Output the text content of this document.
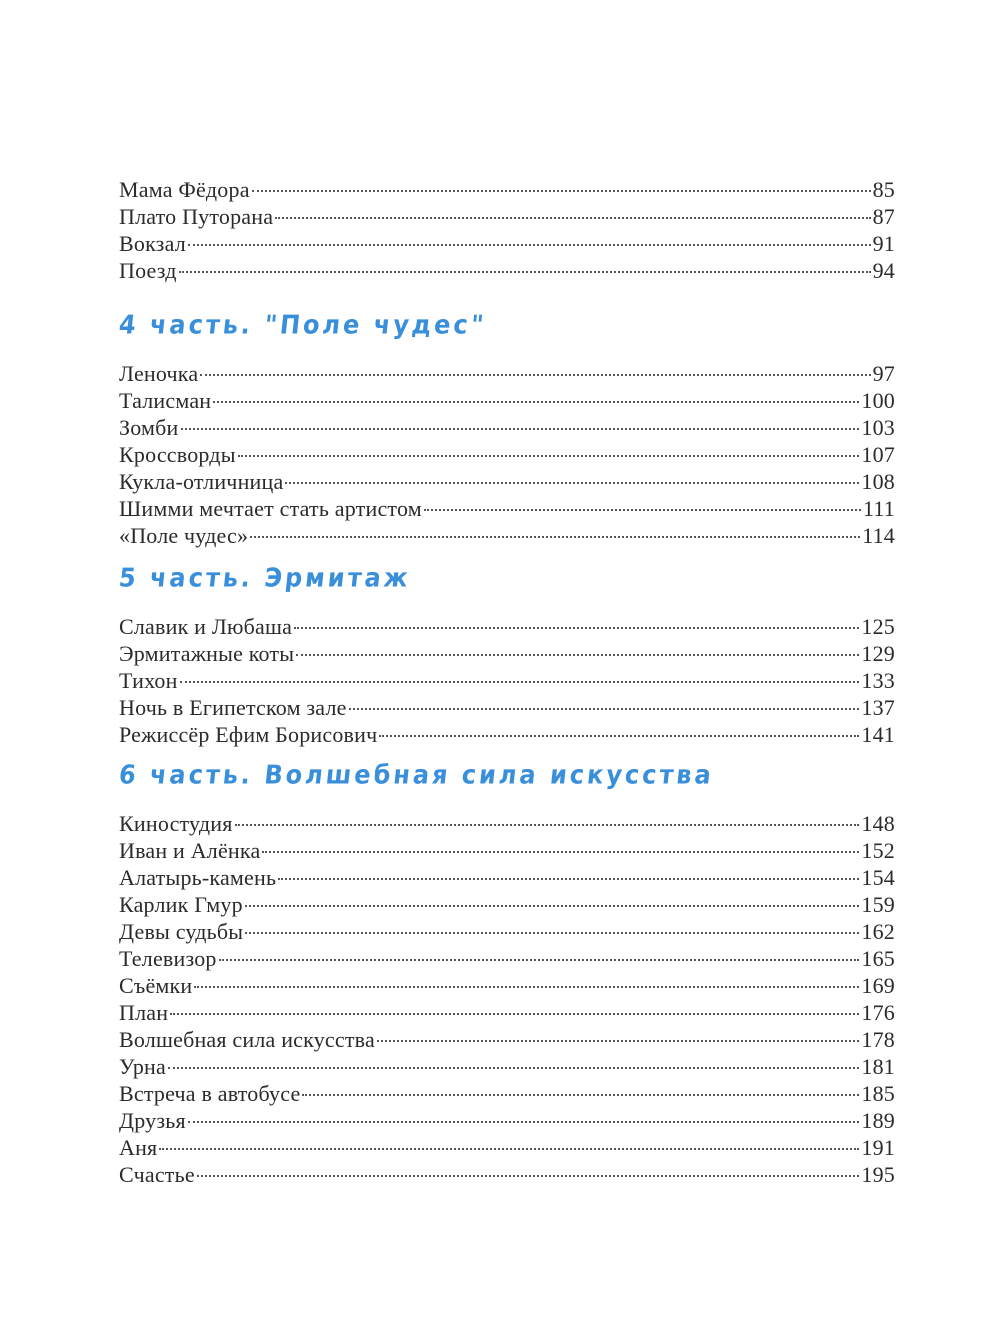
Мама Фёдора	85
Плато Путорана	87
Вокзал	91
Поезд	94
4 часть. "Поле чудес"
Леночка	97
Талисман	100
Зомби	103
Кроссворды	107
Кукла-отличница	108
Шимми мечтает стать артистом	111
«Поле чудес»	114
5 часть. Эрмитаж
Славик и Любаша	125
Эрмитажные коты	129
Тихон	133
Ночь в Египетском зале	137
Режиссёр Ефим Борисович	141
6 часть. Волшебная сила искусства
Киностудия	148
Иван и Алёнка	152
Алатырь-камень	154
Карлик Гмур	159
Девы судьбы	162
Телевизор	165
Съёмки	169
План	176
Волшебная сила искусства	178
Урна	181
Встреча в автобусе	185
Друзья	189
Аня	191
Счастье	195
